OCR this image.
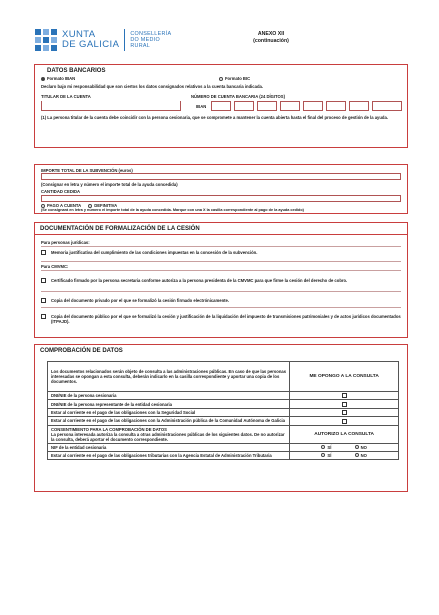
XUNTA
DE GALICIA
CONSELLERÍA
DO MEDIO
RURAL
ANEXO XII
(continuación)
DATOS BANCARIOS
Formato IBAN	Formato BIC
Declaro bajo mi responsabilidad que son ciertos los datos consignados relativos a la cuenta bancaria indicada.
TITULAR DE LA CUENTA	NÚMERO DE CUENTA BANCARIA (24 DÍGITOS)
IBAN
(1) La persona titular de la cuenta debe coincidir con la persona cesionaria, que se compromete a mantener la cuenta abierta hasta el final del proceso de gestión de la ayuda.
IMPORTE TOTAL DE LA SUBVENCIÓN (euros)
(Consignar en letra y número el importe total de la ayuda concedida)
CANTIDAD CEDIDA
PAGO A CUENTA	DEFINITIVA
(Se consignará en letra y número el importe total de la ayuda concedida. Marque con una X la casilla correspondiente al pago de la ayuda cedido)
DOCUMENTACIÓN DE FORMALIZACIÓN DE LA CESIÓN
Para personas jurídicas:
Memoria justificativa del cumplimiento de las condiciones impuestas en la concesión de la subvención.
Para CMVMC:
Certificado firmado por la persona secretaria conforme autoriza a la persona presidenta de la CMVMC para que firme la cesión del derecho de cobro.
Copia del documento privado por el que se formalizó la cesión firmado electrónicamente.
Copia del documento público por el que se formalizó la cesión y justificación de la liquidación del impuesto de transmisiones patrimoniales y de actos jurídicos documentados (ITPAJD).
COMPROBACIÓN DE DATOS
Los documentos relacionados serán objeto de consulta a las administraciones públicas. En caso de que las personas interesadas se opongan a esta consulta, deberán indicarlo en la casilla correspondiente y aportar una copia de los documentos.	ME OPONGO A LA CONSULTA
DNI/NIE de la persona cesionaria	
DNI/NIE de la persona representante de la entidad cesionaria	
Estar al corriente en el pago de las obligaciones con la Seguridad Social	
Estar al corriente en el pago de las obligaciones con la Administración pública de la Comunidad Autónoma de Galicia	

CONSENTIMIENTO PARA LA COMPROBACIÓN DE DATOS
La persona interesada autoriza la consulta a otras administraciones públicas de los siguientes datos. De no autorizar la consulta, deberá aportar el documento correspondiente.	AUTORIZO LA CONSULTA
NIF de la entidad cesionaria	SÍ NO
Estar al corriente en el pago de las obligaciones tributarias con la Agencia Estatal de Administración Tributaria	SÍ NO
